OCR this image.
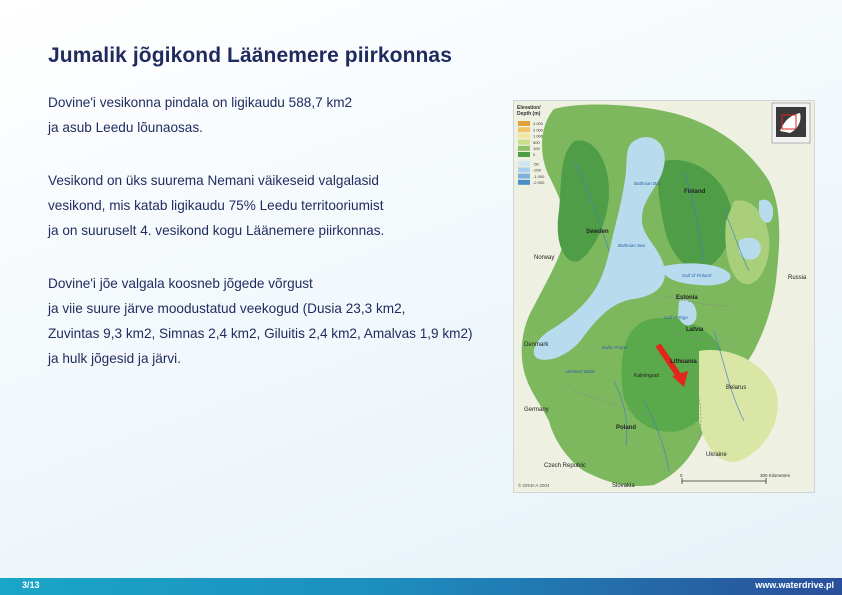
Jumalik jõgikond Läänemere piirkonnas
Dovine'i vesikonna pindala on ligikaudu 588,7 km2
ja asub Leedu lõunaosas.
Vesikond on üks suurema Nemani väikeseid valgalasid
vesikond, mis katab ligikaudu 75% Leedu territooriumist
ja on suuruselt 4. vesikond kogu Läänemere piirkonnas.
Dovine'i jõe valgala koosneb jõgede võrgust
ja viie suure järve moodustatud veekogud (Dusia 23,3 km2,
Zuvintas 9,3 km2, Simnas 2,4 km2, Giluitis 2,4 km2, Amalvas 1,9 km2)
ja hulk jõgesid ja järvi.
Elevation/
Depth (m)
4 000
2 000
1 000
500
100
0
-50
-200
-1 000
-2 000
Finland
Sweden
Norway
Russia
Estonia
Latvia
Lithuania
Belarus
Poland
Germany
Denmark
Ukraine
Czech Republic
Slovakia
Kaliningrad
Bothnian Bay
Bothnian Sea
Gulf of Finland
Gulf of Riga
Baltic Proper
Western Baltic
© GRID-A 2004
0	300 Kilometres
3/13	www.waterdrive.pl
